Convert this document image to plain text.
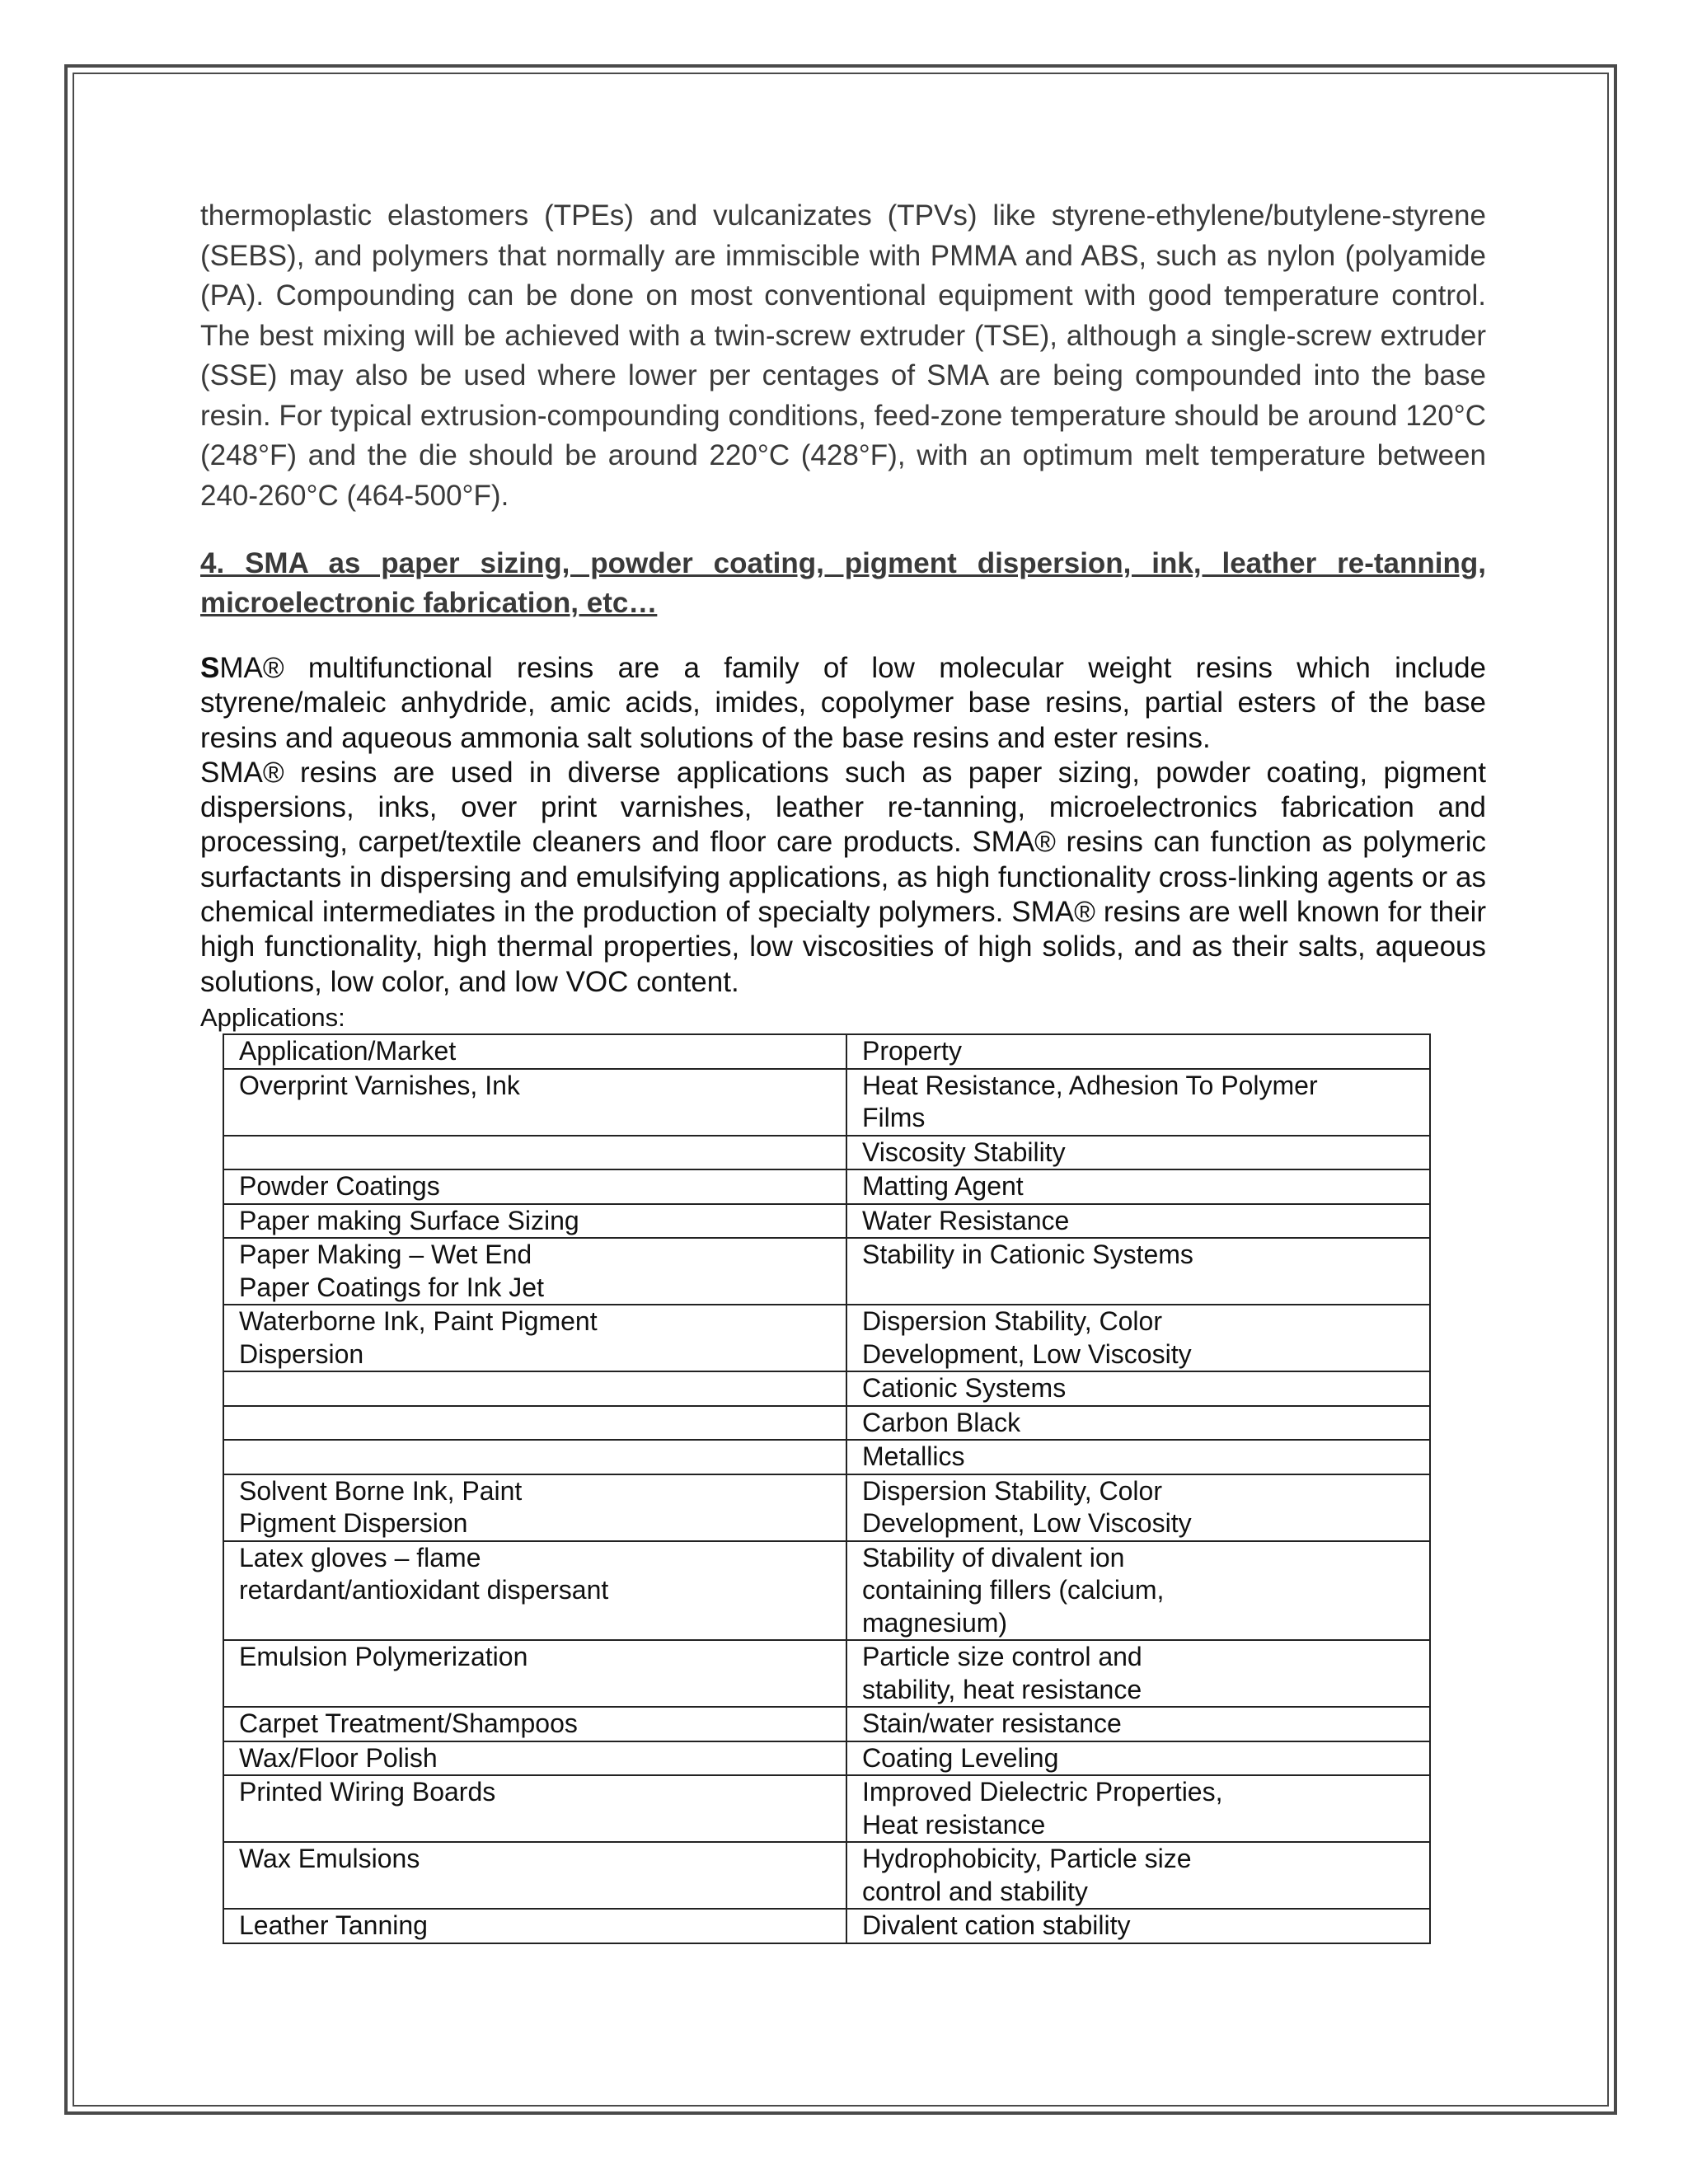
thermoplastic elastomers (TPEs) and vulcanizates (TPVs) like styrene-ethylene/butylene-styrene (SEBS), and polymers that normally are immiscible with PMMA and ABS, such as nylon (polyamide (PA). Compounding can be done on most conventional equipment with good temperature control. The best mixing will be achieved with a twin-screw extruder (TSE), although a single-screw extruder (SSE) may also be used where lower per centages of SMA are being compounded into the base resin. For typical extrusion-compounding conditions, feed-zone temperature should be around 120°C (248°F) and the die should be around 220°C (428°F), with an optimum melt temperature between 240-260°C (464-500°F).

4. SMA as paper sizing, powder coating, pigment dispersion, ink, leather re-tanning, microelectronic fabrication, etc…

SMA® multifunctional resins are a family of low molecular weight resins which include styrene/maleic anhydride, amic acids, imides, copolymer base resins, partial esters of the base resins and aqueous ammonia salt solutions of the base resins and ester resins.

SMA® resins are used in diverse applications such as paper sizing, powder coating, pigment dispersions, inks, over print varnishes, leather re-tanning, microelectronics fabrication and processing, carpet/textile cleaners and floor care products. SMA® resins can function as polymeric surfactants in dispersing and emulsifying applications, as high functionality cross-linking agents or as chemical intermediates in the production of specialty polymers. SMA® resins are well known for their high functionality, high thermal properties, low viscosities of high solids, and as their salts, aqueous solutions, low color, and low VOC content.

Applications:
Application/Market	Property

Overprint Varnishes, Ink	Heat Resistance, Adhesion To Polymer
Films

	Viscosity Stability

Powder Coatings	Matting Agent

Paper making Surface Sizing	Water Resistance

Paper Making – Wet End
Paper Coatings for Ink Jet	Stability in Cationic Systems

Waterborne Ink, Paint Pigment
Dispersion	Dispersion Stability, Color
Development, Low Viscosity

	Cationic Systems

	Carbon Black

	Metallics

Solvent Borne Ink, Paint
Pigment Dispersion	Dispersion Stability, Color
Development, Low Viscosity

Latex gloves – flame
retardant/antioxidant dispersant	Stability of divalent ion
containing fillers (calcium,
magnesium)

Emulsion Polymerization	Particle size control and
stability, heat resistance

Carpet Treatment/Shampoos	Stain/water resistance

Wax/Floor Polish	Coating Leveling

Printed Wiring Boards	Improved Dielectric Properties,
Heat resistance

Wax Emulsions	Hydrophobicity, Particle size
control and stability

Leather Tanning	Divalent cation stability
